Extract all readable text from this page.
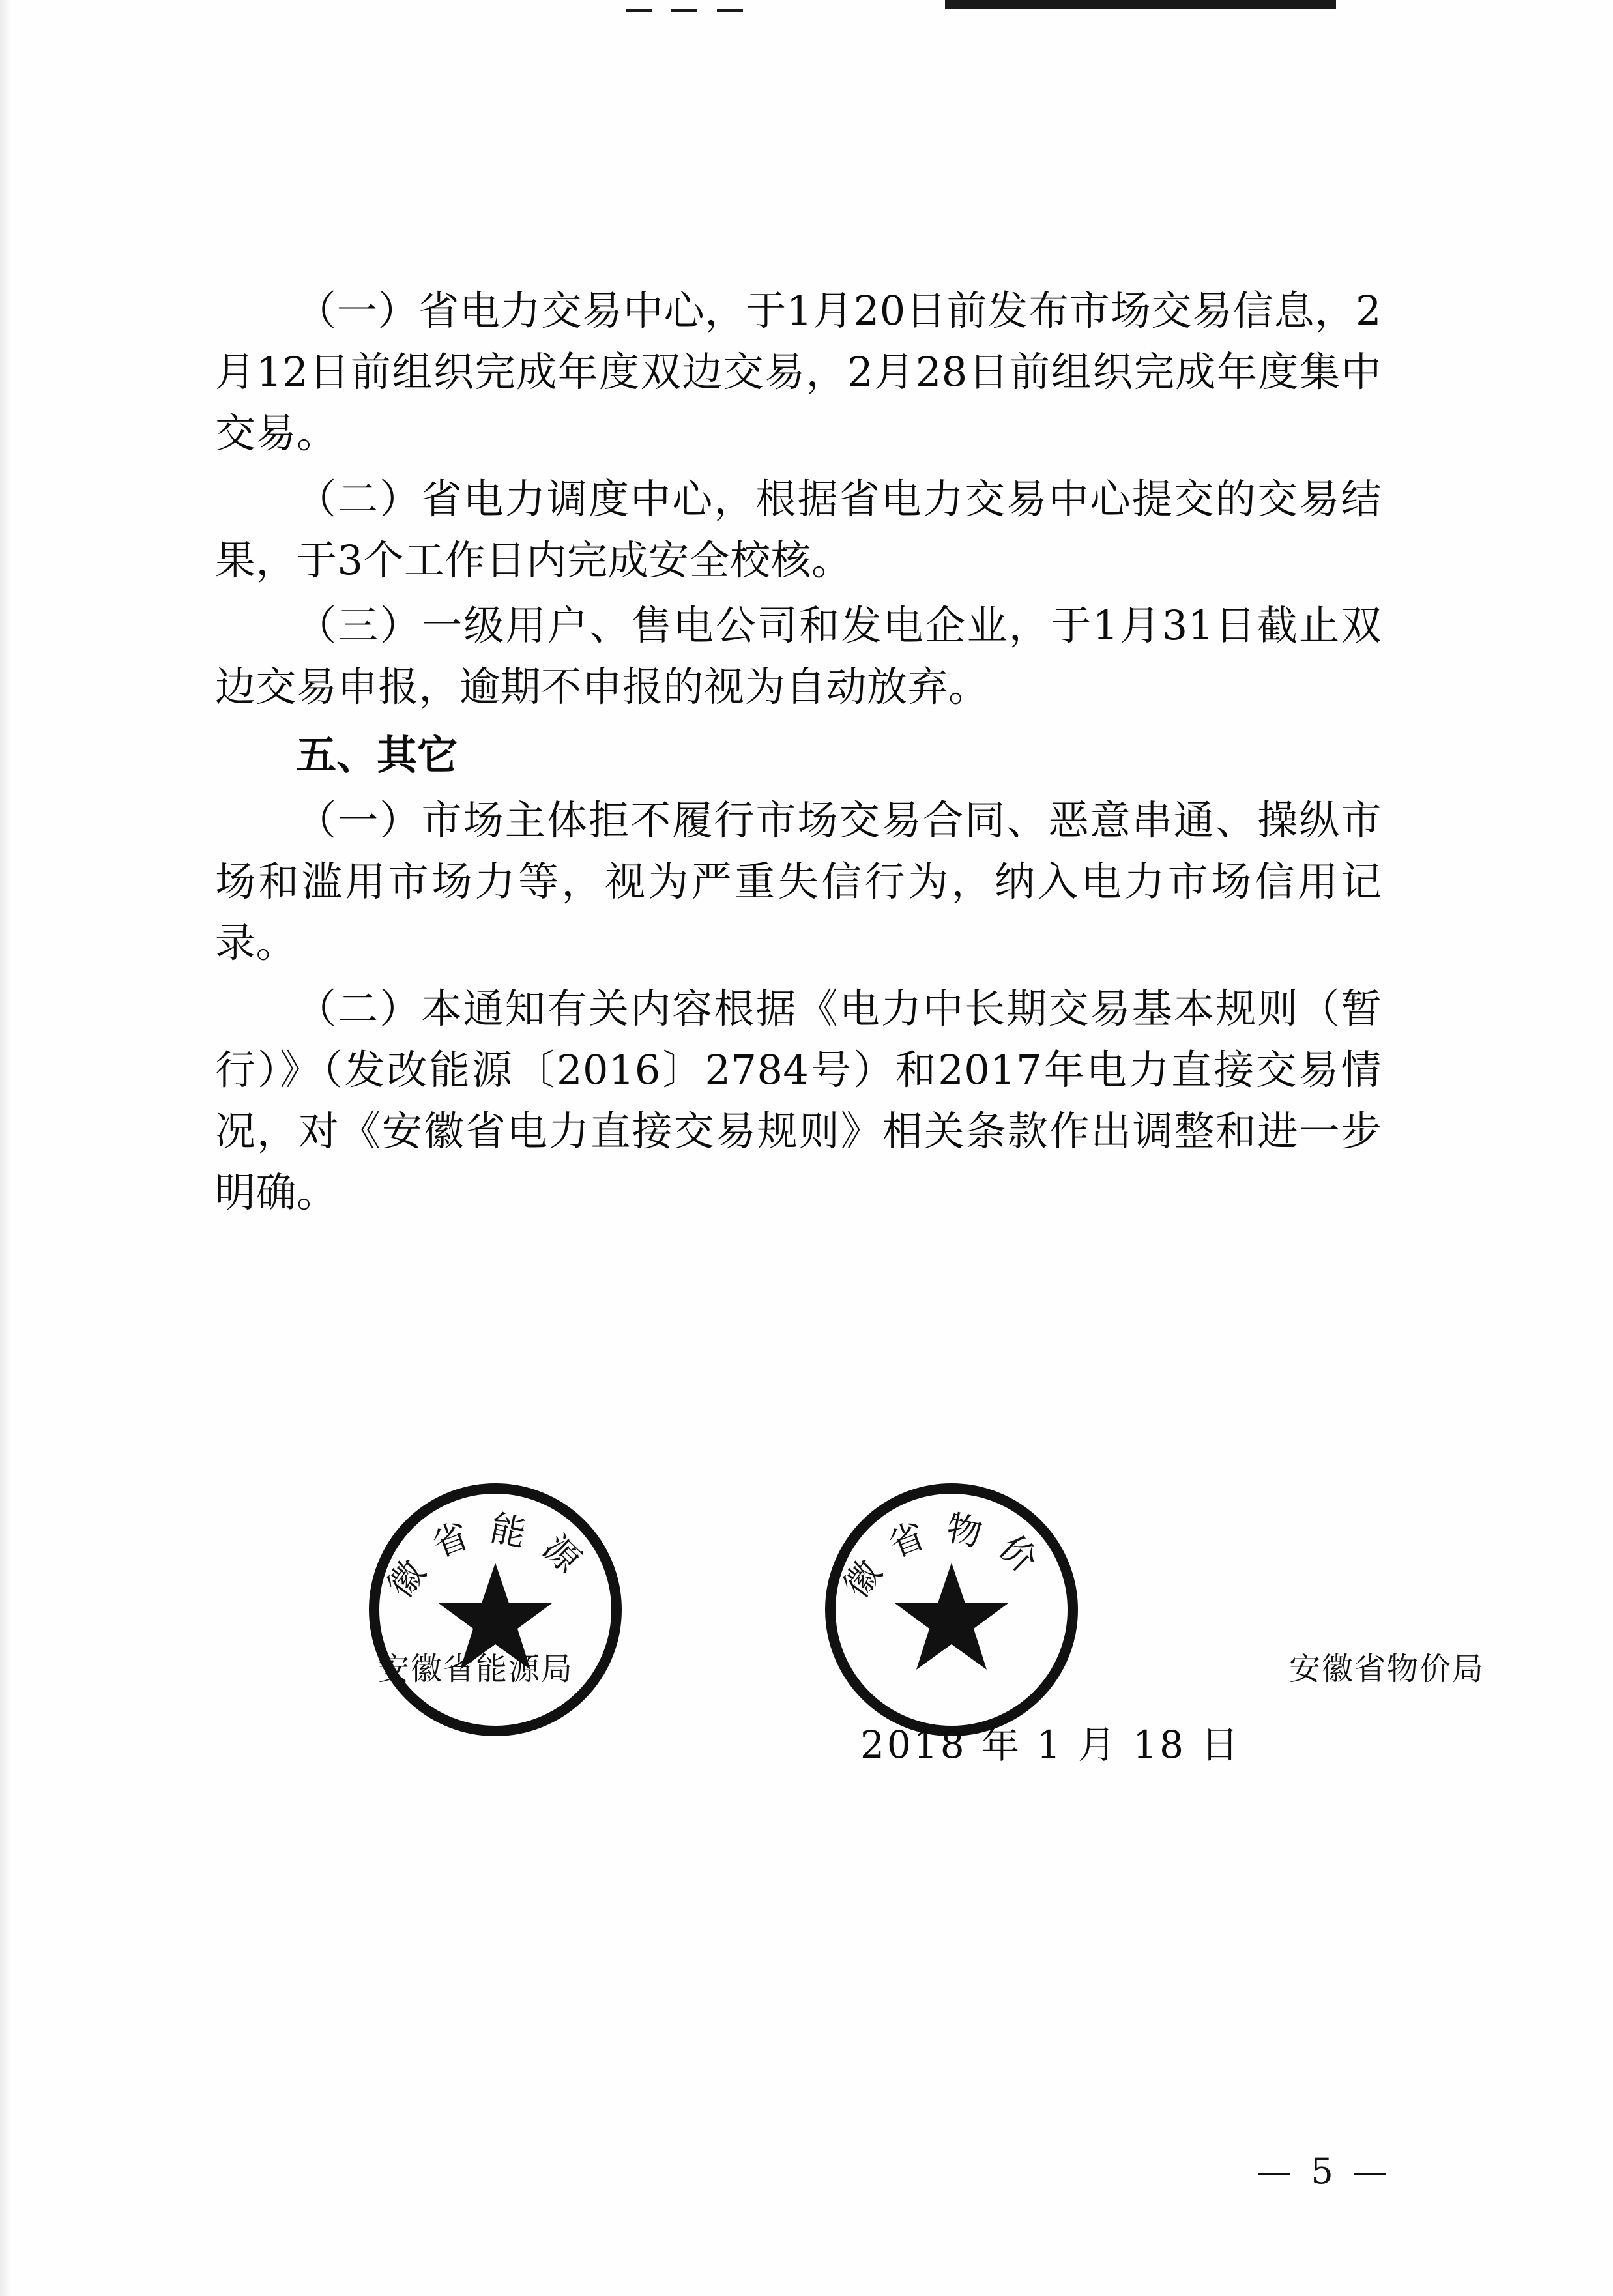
（一）省电力交易中心，于1月20日前发布市场交易信息，2月12日前组织完成年度双边交易，2月28日前组织完成年度集中交易。

（二）省电力调度中心，根据省电力交易中心提交的交易结果，于3个工作日内完成安全校核。

（三）一级用户、售电公司和发电企业，于1月31日截止双边交易申报，逾期不申报的视为自动放弃。

五、其它

（一）市场主体拒不履行市场交易合同、恶意串通、操纵市场和滥用市场力等，视为严重失信行为，纳入电力市场信用记录。

（二）本通知有关内容根据《电力中长期交易基本规则（暂行）》（发改能源〔2016〕2784号）和2017年电力直接交易情况，对《安徽省电力直接交易规则》相关条款作出调整和进一步明确。

徽省能源
安徽省能源局
徽省物价
安徽省物价局
2018 年 1 月 18 日
— 5 —
